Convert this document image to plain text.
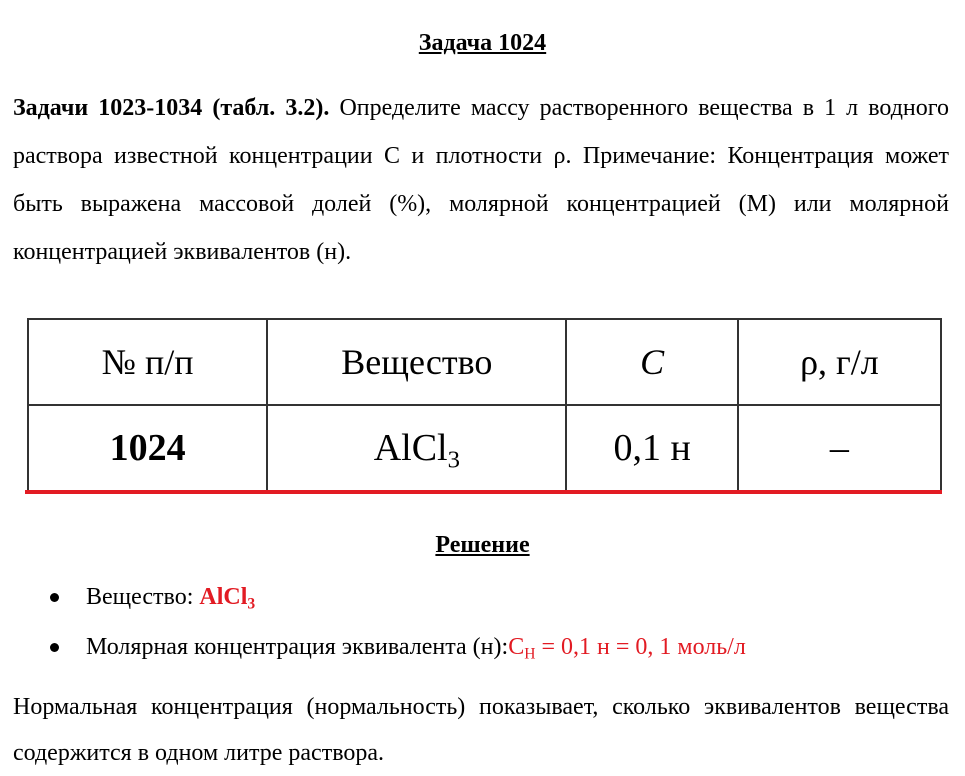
Задача 1024
Задачи 1023-1034 (табл. 3.2). Определите массу растворенного вещества в 1 л водного раствора известной концентрации С и плотности ρ. Примечание: Концентрация может быть выражена массовой долей (%), молярной концентрацией (М) или молярной концентрацией эквивалентов (н).
№ п/п	Вещество	C	ρ, г/л
1024	AlCl$_3$	0,1 н	–
Решение
Вещество: AlCl$_3$
Молярная концентрация эквивалента $(н):C_Н = 0,1$ н = 0, 1 моль/л
Нормальная концентрация (нормальность) показывает, сколько эквивалентов вещества содержится в одном литре раствора.
